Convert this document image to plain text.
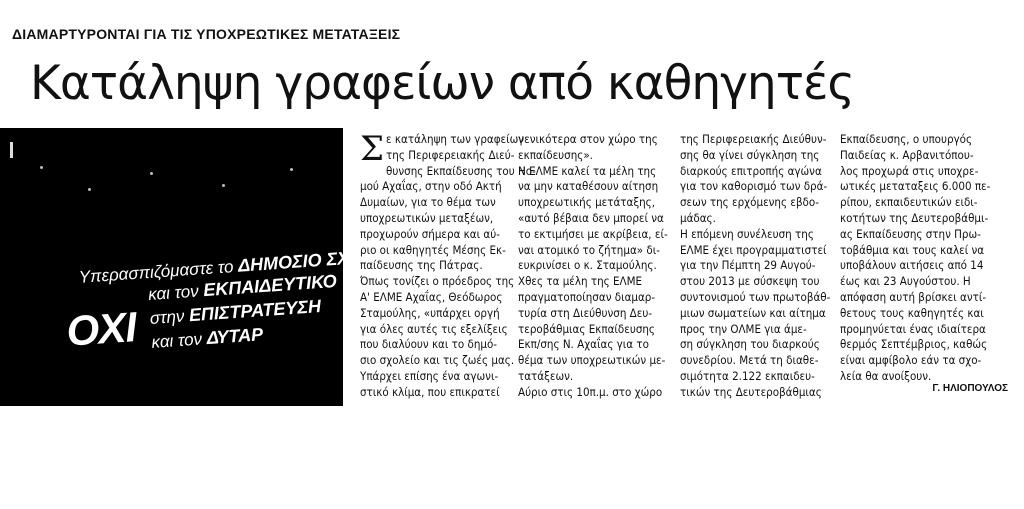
ΔΙΑΜΑΡΤΥΡΟΝΤΑΙ ΓΙΑ ΤΙΣ ΥΠΟΧΡΕΩΤΙΚΕΣ ΜΕΤΑΤΑΞΕΙΣ
Κατάληψη γραφείων από καθηγητές
Υπερασπιζόμαστε το ΔΗΜΟΣΙΟ ΣΧΟΛΕ
και τον ΕΚΠΑΙΔΕΥΤΙΚΟ
στην ΕΠΙΣΤΡΑΤΕΥΣΗ
και τον ΔΥΤΑΡ
ΟΧΙ
Τα μέλη της ΕΛΜΕ καλούν τους συναδέλφους τους να
συμμετάσχουν στη σημερινή κατάληψη
Σ ε κατάληψη των γραφείων
της Περιφερειακής Διεύ-
θυνσης Εκπαίδευσης του Νο-
μού Αχαΐας, στην οδό Ακτή
Δυμαίων, για το θέμα των
υποχρεωτικών μεταξέων,
προχωρούν σήμερα και αύ-
ριο οι καθηγητές Μέσης Εκ-
παίδευσης της Πάτρας.
Όπως τονίζει ο πρόεδρος της
Α' ΕΛΜΕ Αχαΐας, Θεόδωρος
Σταμούλης, «υπάρχει οργή
για όλες αυτές τις εξελίξεις
που διαλύουν και το δημό-
σιο σχολείο και τις ζωές μας.
Υπάρχει επίσης ένα αγωνι-
στικό κλίμα, που επικρατεί
γενικότερα στον χώρο της
εκπαίδευσης».
Η ΕΛΜΕ καλεί τα μέλη της
να μην καταθέσουν αίτηση
υποχρεωτικής μετάταξης,
«αυτό βέβαια δεν μπορεί να
το εκτιμήσει με ακρίβεια, εί-
ναι ατομικό το ζήτημα» δι-
ευκρινίσει ο κ. Σταμούλης.
Χθες τα μέλη της ΕΛΜΕ
πραγματοποίησαν διαμαρ-
τυρία στη Διεύθυνση Δευ-
τεροβάθμιας Εκπαίδευσης
Εκπ/σης Ν. Αχαΐας για το
θέμα των υποχρεωτικών με-
τατάξεων.
Αύριο στις 10π.μ. στο χώρο
της Περιφερειακής Διεύθυν-
σης θα γίνει σύγκληση της
διαρκούς επιτροπής αγώνα
για τον καθορισμό των δρά-
σεων της ερχόμενης εβδο-
μάδας.
Η επόμενη συνέλευση της
ΕΛΜΕ έχει προγραμματιστεί
για την Πέμπτη 29 Αυγού-
στου 2013 με σύσκεψη του
συντονισμού των πρωτοβάθ-
μιων σωματείων και αίτημα
προς την ΟΛΜΕ για άμε-
ση σύγκληση του διαρκούς
συνεδρίου. Μετά τη διαθε-
σιμότητα 2.122 εκπαιδευ-
τικών της Δευτεροβάθμιας
Εκπαίδευσης, ο υπουργός
Παιδείας κ. Αρβανιτόπου-
λος προχωρά στις υποχρε-
ωτικές μεταταξεις 6.000 πε-
ρίπου, εκπαιδευτικών ειδι-
κοτήτων της Δευτεροβάθμι-
ας Εκπαίδευσης στην Πρω-
τοβάθμια και τους καλεί να
υποβάλουν αιτήσεις από 14
έως και 23 Αυγούστου. Η
απόφαση αυτή βρίσκει αντί-
θετους τους καθηγητές και
προμηνύεται ένας ιδιαίτερα
θερμός Σεπτέμβριος, καθώς
είναι αμφίβολο εάν τα σχο-
λεία θα ανοίξουν.
Γ. ΗΛΙΟΠΟΥΛΟΣ
